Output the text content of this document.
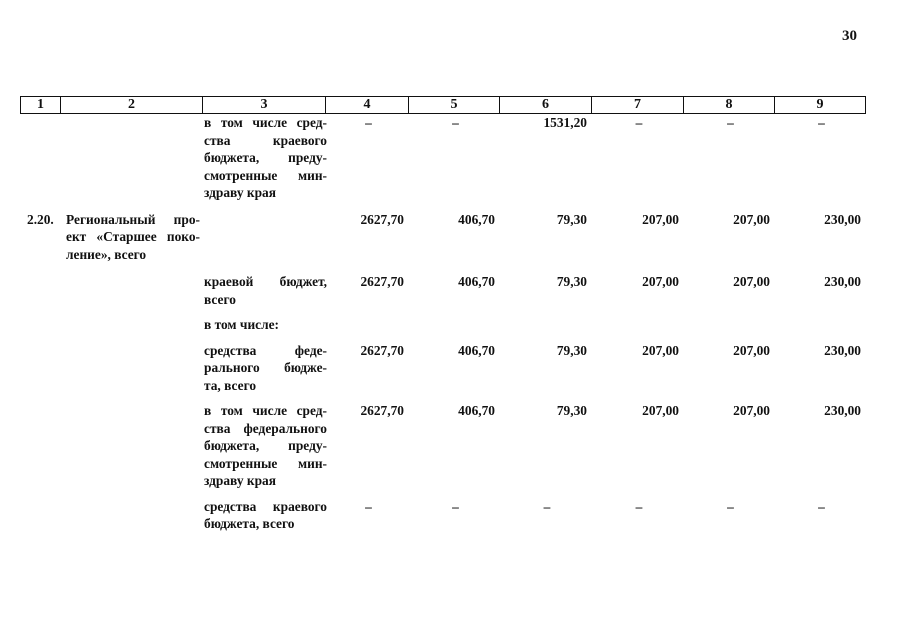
30
1	2	3	4	5	6	7	8	9
в том числе сред-
ства краевого
бюджета, преду-
смотренные мин-
здраву края
–	–	1531,20	–	–	–
2.20. Региональный про-
ект «Старшее поко-
ление», всего
2627,70	406,70	79,30	207,00	207,00	230,00
краевой бюджет,
всего
2627,70	406,70	79,30	207,00	207,00	230,00
в том числе:
средства феде-
рального бюдже-
та, всего
2627,70	406,70	79,30	207,00	207,00	230,00
в том числе сред-
ства федерального
бюджета, преду-
смотренные мин-
здраву края
2627,70	406,70	79,30	207,00	207,00	230,00
средства краевого
бюджета, всего
–	–	–	–	–	–
